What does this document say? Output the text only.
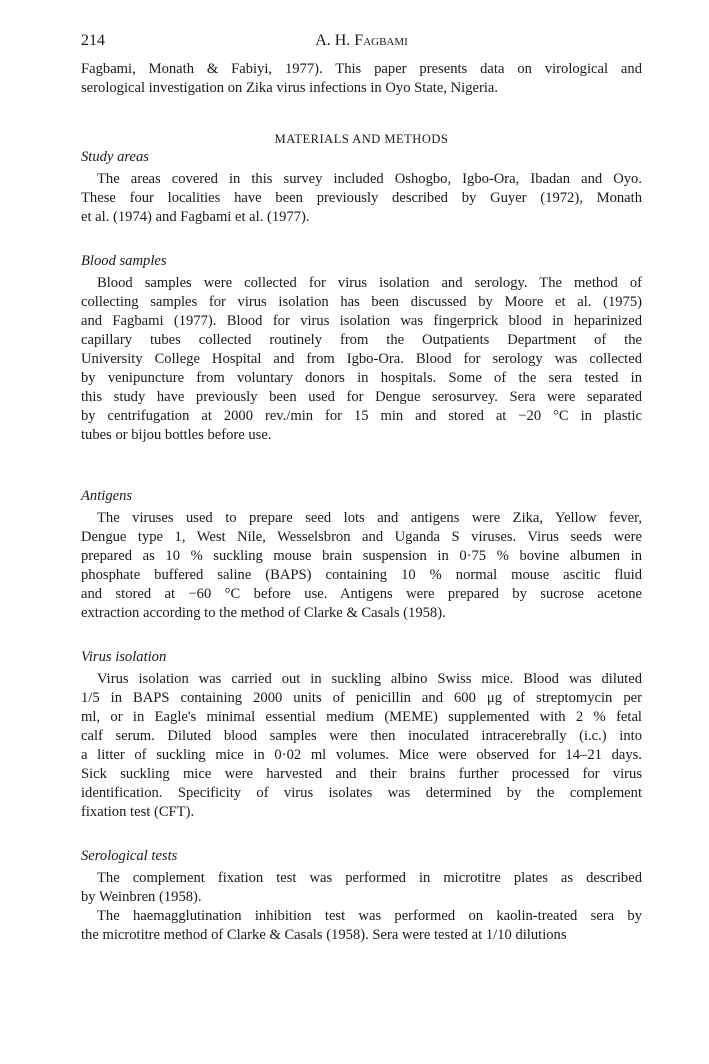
214	A. H. Fagbami
Fagbami, Monath & Fabiyi, 1977). This paper presents data on virological and
serological investigation on Zika virus infections in Oyo State, Nigeria.
MATERIALS AND METHODS
Study areas
The areas covered in this survey included Oshogbo, Igbo-Ora, Ibadan and Oyo.
These four localities have been previously described by Guyer (1972), Monath
et al. (1974) and Fagbami et al. (1977).
Blood samples
Blood samples were collected for virus isolation and serology. The method of
collecting samples for virus isolation has been discussed by Moore et al. (1975)
and Fagbami (1977). Blood for virus isolation was fingerprick blood in heparinized
capillary tubes collected routinely from the Outpatients Department of the
University College Hospital and from Igbo-Ora. Blood for serology was collected
by venipuncture from voluntary donors in hospitals. Some of the sera tested in
this study have previously been used for Dengue serosurvey. Sera were separated
by centrifugation at 2000 rev./min for 15 min and stored at −20 °C in plastic
tubes or bijou bottles before use.
Antigens
The viruses used to prepare seed lots and antigens were Zika, Yellow fever,
Dengue type 1, West Nile, Wesselsbron and Uganda S viruses. Virus seeds were
prepared as 10 % suckling mouse brain suspension in 0·75 % bovine albumen in
phosphate buffered saline (BAPS) containing 10 % normal mouse ascitic fluid
and stored at −60 °C before use. Antigens were prepared by sucrose acetone
extraction according to the method of Clarke & Casals (1958).
Virus isolation
Virus isolation was carried out in suckling albino Swiss mice. Blood was diluted
1/5 in BAPS containing 2000 units of penicillin and 600 μg of streptomycin per
ml, or in Eagle's minimal essential medium (MEME) supplemented with 2 % fetal
calf serum. Diluted blood samples were then inoculated intracerebrally (i.c.) into
a litter of suckling mice in 0·02 ml volumes. Mice were observed for 14–21 days.
Sick suckling mice were harvested and their brains further processed for virus
identification. Specificity of virus isolates was determined by the complement
fixation test (CFT).
Serological tests
The complement fixation test was performed in microtitre plates as described
by Weinbren (1958).
The haemagglutination inhibition test was performed on kaolin-treated sera by
the microtitre method of Clarke & Casals (1958). Sera were tested at 1/10 dilutions
